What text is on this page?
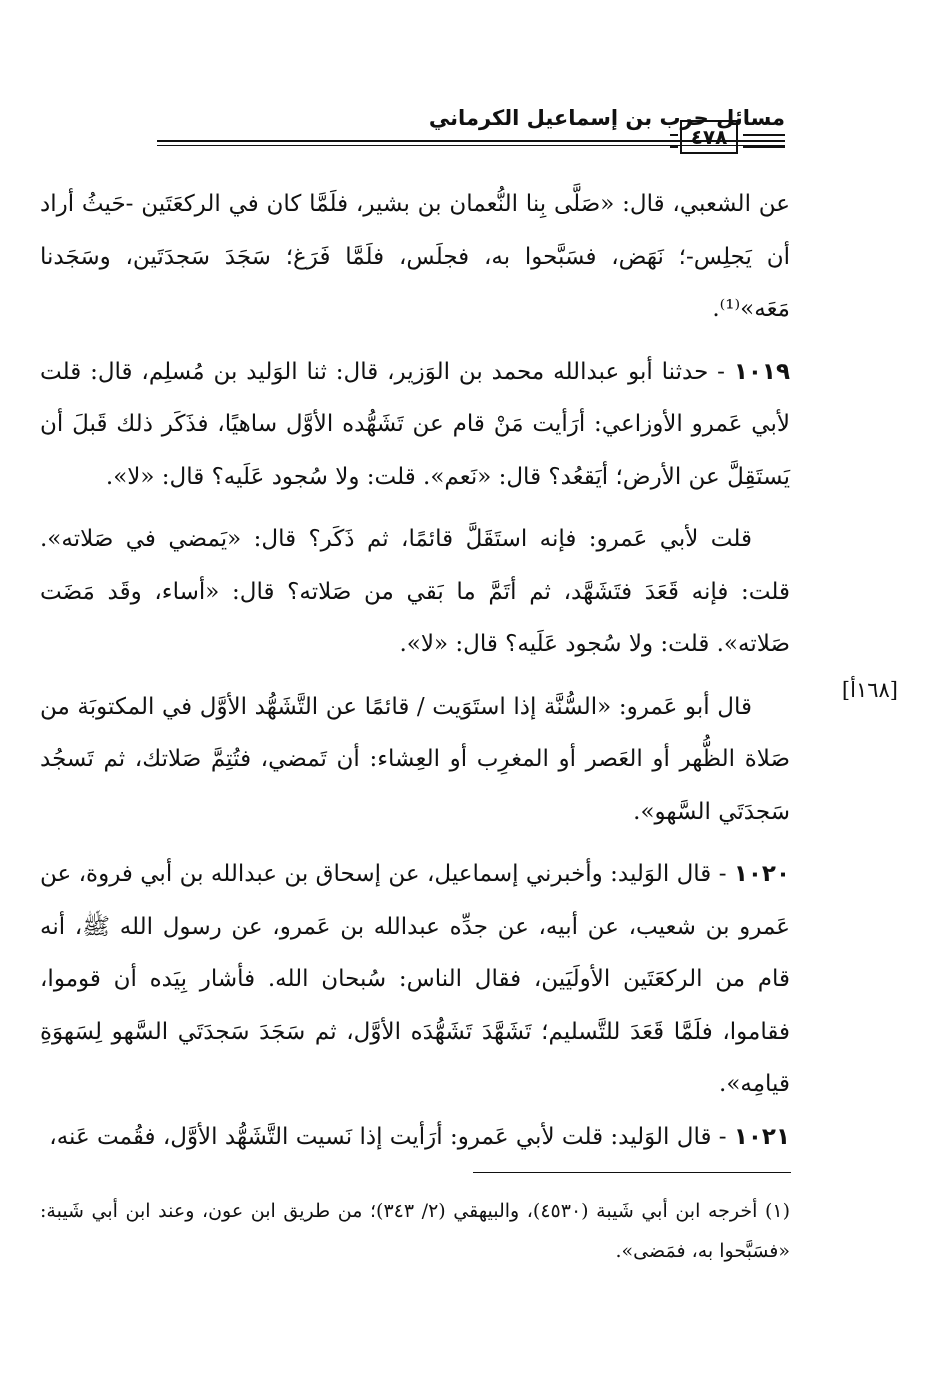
مسائل حرب بن إسماعيل الكرماني
٤٧٨

عن الشعبي، قال: «صَلَّى بِنا النُّعمان بن بشير، فلَمَّا كان في الركعَتَين -حَيثُ أراد أن يَجلِس-؛ نَهَض، فسَبَّحوا به، فجلَس، فلَمَّا فَرَغ؛ سَجَدَ سَجدَتَين، وسَجَدنا مَعَه»⁽¹⁾.

١٠١٩ - حدثنا أبو عبدالله محمد بن الوَزير، قال: ثنا الوَليد بن مُسلِم، قال: قلت لأبي عَمرو الأوزاعي: أرَأيت مَنْ قام عن تَشَهُّده الأوَّل ساهيًا، فذَكَر ذلك قَبلَ أن يَستَقِلَّ عن الأرض؛ أيَقعُد؟ قال: «نَعم». قلت: ولا سُجود عَلَيه؟ قال: «لا».

قلت لأبي عَمرو: فإنه استَقَلَّ قائمًا، ثم ذَكَر؟ قال: «يَمضي في صَلاته». قلت: فإنه قَعَدَ فتَشَهَّد، ثم أتَمَّ ما بَقي من صَلاته؟ قال: «أساء، وقَد مَضَت صَلاته». قلت: ولا سُجود عَلَيه؟ قال: «لا».

قال أبو عَمرو: «السُّنَّة إذا استَوَيت / قائمًا عن التَّشَهُّد الأوَّل في المكتوبَة من صَلاة الظُّهر أو العَصر أو المغرِب أو العِشاء: أن تَمضي، فتُتِمَّ صَلاتك، ثم تَسجُد سَجدَتَي السَّهو».

١٠٢٠ - قال الوَليد: وأخبرني إسماعيل، عن إسحاق بن عبدالله بن أبي فروة، عن عَمرو بن شعيب، عن أبيه، عن جدِّه عبدالله بن عَمرو، عن رسول الله ﷺ، أنه قام من الركعَتَين الأولَيَين، فقال الناس: سُبحان الله. فأشار بِيَده أن قوموا، فقاموا، فلَمَّا قَعَدَ للتَّسليم؛ تَشَهَّدَ تَشَهُّدَه الأوَّل، ثم سَجَدَ سَجدَتَي السَّهو لِسَهوَةِ قيامِه».

١٠٢١ - قال الوَليد: قلت لأبي عَمرو: أرَأيت إذا نَسيت التَّشَهُّد الأوَّل، فقُمت عَنه،

[١٦٨أ]
(١) أخرجه ابن أبي شَيبة (٤٥٣٠)، والبيهقي (٢/ ٣٤٣)؛ من طريق ابن عون، وعند ابن أبي شَيبة: «فسَبَّحوا به، فمَضى».
